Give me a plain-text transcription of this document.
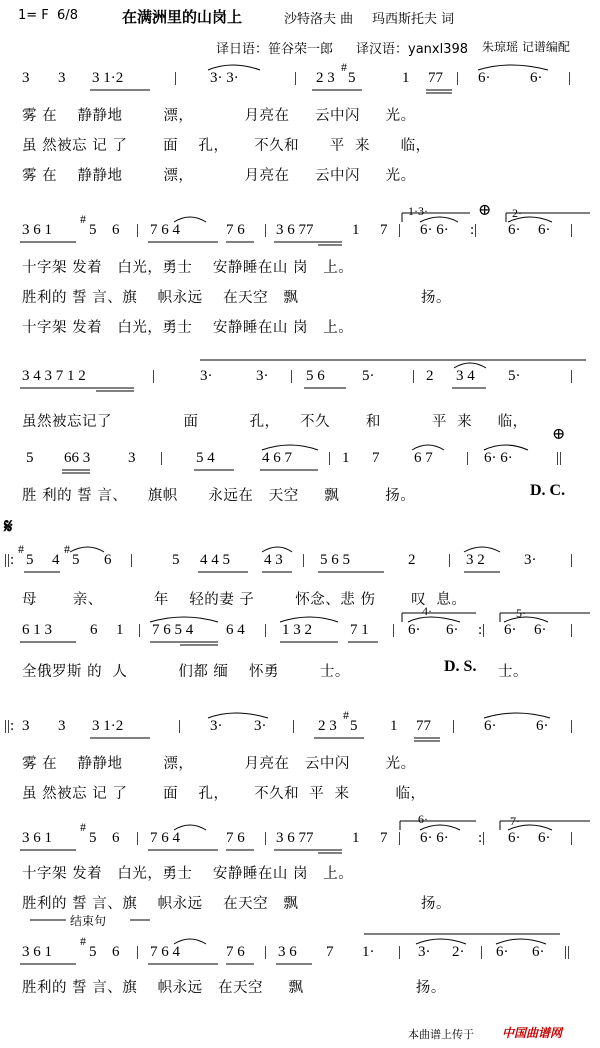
1= F  6/8	在满洲里的山岗上	沙特洛夫 曲 玛西斯托夫 词
译日语：笹谷荣一郎 译汉语：yanxl398 朱琼瑶 记谱编配
3 3 3 1·2	| 3· 3·	| 2 3
#
5	1 77 | 6·	6· |
雾 在    静静地        漂，          月亮在     云中闪     光。
虽 然被忘 记 了       面    孔，     不久和      平  来      临，
雾 在    静静地        漂，          月亮在     云中闪     光。
3 6 1
#
5 6 | 7 6 4	7 6 | 3 6 77	1 7 | 6· 6· :| 6· 6· |
1·3·	2·
⊕
十字架 发着   白光，勇士    安静睡在山 岗   上。
胜利的 誓 言、旗    帜永远    在天空   飘                        扬。
十字架 发着   白光，勇士    安静睡在山 岗   上。
3 4 3 7 1 2	|	3·	3· | 5 6 5·	| 2 3 4 5·	|
虽然被忘记了              面          孔，    不久       和          平  来     临，
⊕
5 66 3	3 | 5 4	4 6 7 | 1 7 6 7 | 6· 6·	||
胜 利的 誓 言、    旗帜      永远在   天空     飘         扬。	D. C.
𝄋
||:
#
5 4
#
5 6 |	5 4 4 5 4 3 | 5 6 5	2 | 3 2	3· |
母       亲、          年    轻的妻 子        怀念、悲 伤       叹  息。
6 1 3	6 1 | 7 6 5 4 6 4 | 1 3 2	7 1 | 6· 6· :| 6· 6· |
4·	5·
全俄罗斯 的  人          们都 缅    怀勇        士。	D. S. 士。
||: 3 3 3 1·2	| 3· 3· | 2 3
#
5 1 77 | 6·	6· |
雾 在    静静地        漂，          月亮在   云中闪       光。
虽 然被忘 记 了       面    孔，     不久和  平  来         临，
3 6 1
#
5 6 | 7 6 4	7 6 | 3 6 77	1 7 | 6· 6· :| 6· 6· |
6·	7·
十字架 发着   白光，勇士    安静睡在山 岗   上。
胜利的 誓 言、旗    帜永远    在天空   飘                        扬。
结束句
3 6 1
#
5 6 | 7 6 4	7 6 | 3 6 7 1· | 3· 2· | 6· 6· ||
胜利的 誓 言、旗    帜永远   在天空     飘                      扬。
本曲谱上传于 中国曲谱网
